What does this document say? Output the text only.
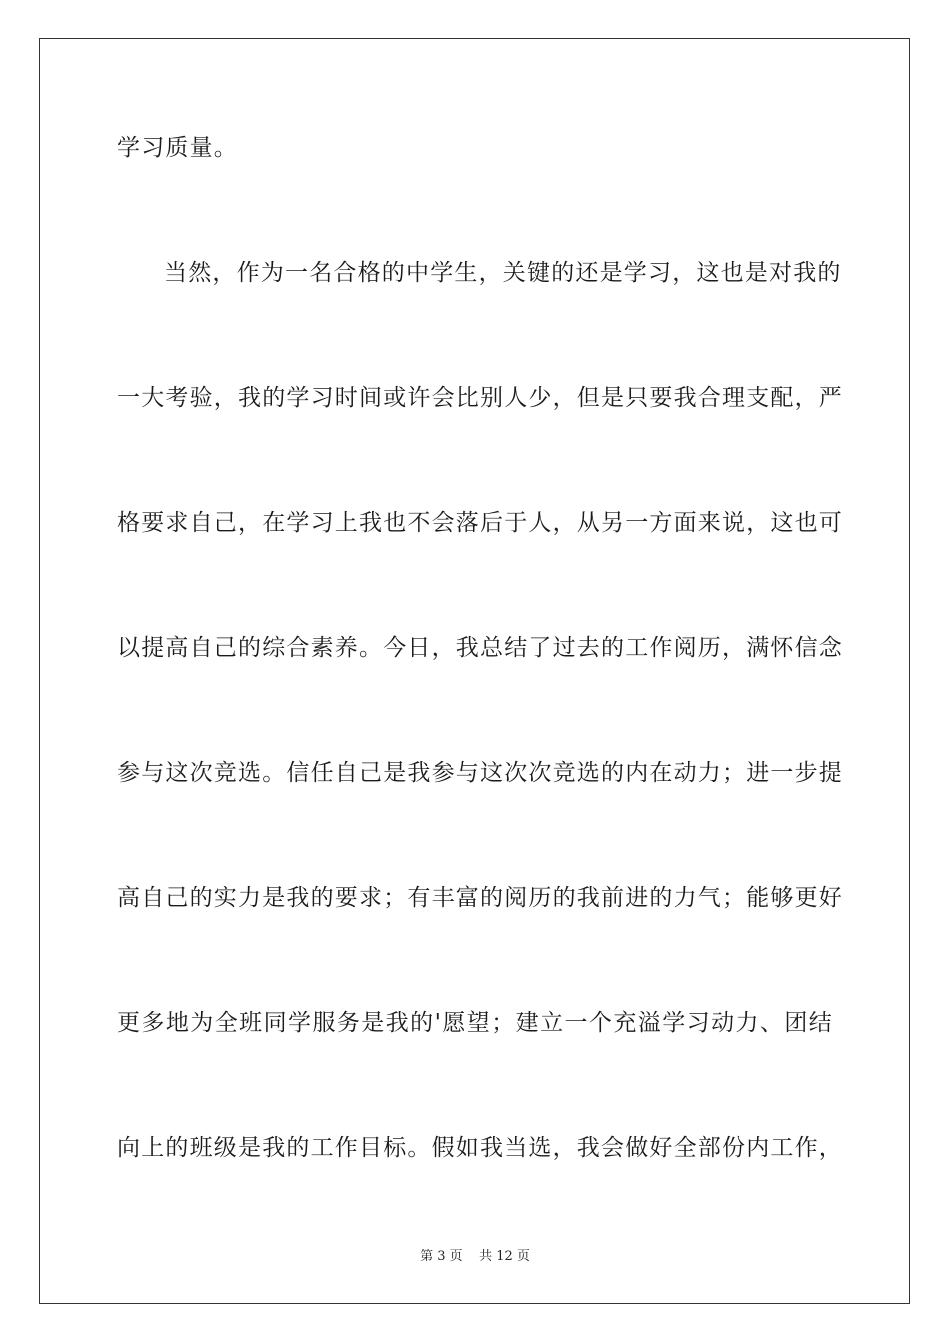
学习质量。

当然，作为一名合格的中学生，关键的还是学习，这也是对我的

一大考验，我的学习时间或许会比别人少，但是只要我合理支配，严

格要求自己，在学习上我也不会落后于人，从另一方面来说，这也可

以提高自己的综合素养。今日，我总结了过去的工作阅历，满怀信念

参与这次竞选。信任自己是我参与这次次竞选的内在动力；进一步提

高自己的实力是我的要求；有丰富的阅历的我前进的力气；能够更好

更多地为全班同学服务是我的'愿望；建立一个充溢学习动力、团结

向上的班级是我的工作目标。假如我当选，我会做好全部份内工作，

第 3 页    共 12 页
